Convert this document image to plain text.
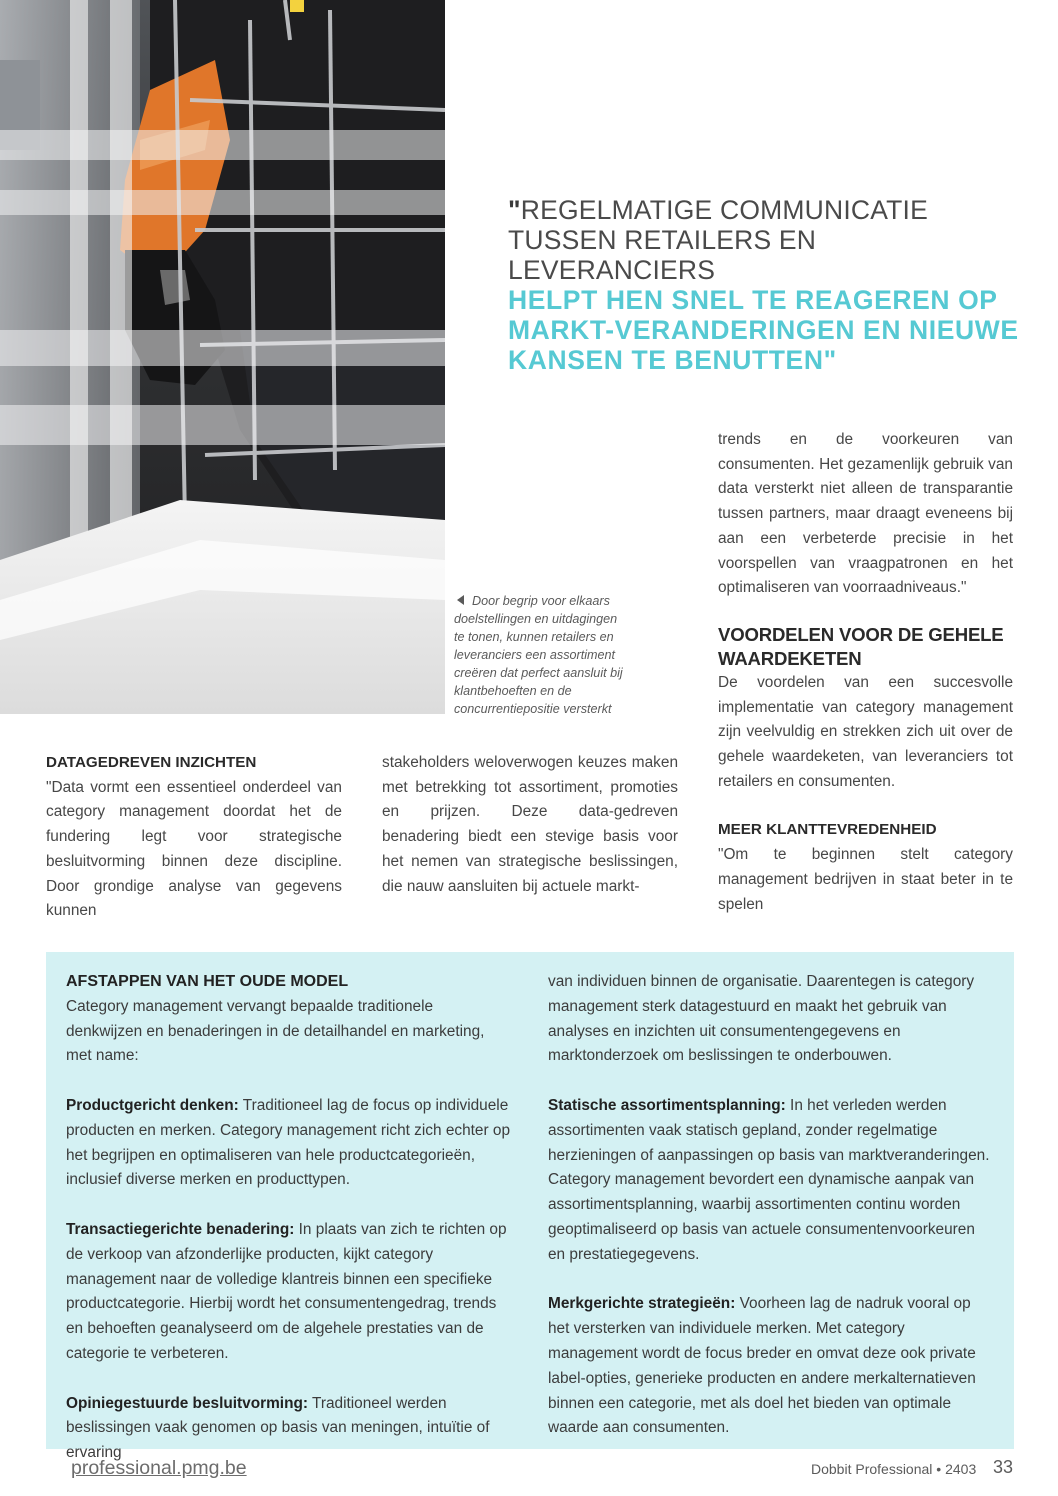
"REGELMATIGE COMMUNICATIE
TUSSEN RETAILERS EN LEVERANCIERS
HELPT HEN SNEL TE REAGEREN OP
MARKT-VERANDERINGEN EN NIEUWE
KANSEN TE BENUTTEN"
Door begrip voor elkaars
doelstellingen en uitdagingen
te tonen, kunnen retailers en
leveranciers een assortiment
creëren dat perfect aansluit bij
klantbehoeften en de
concurrentiepositie versterkt

DATAGEDREVEN INZICHTEN

"Data vormt een essentieel onderdeel van category management doordat het de fundering legt voor strategische besluitvorming binnen deze discipline. Door grondige analyse van gegevens kunnen

stakeholders weloverwogen keuzes maken met betrekking tot assortiment, promoties en prijzen. Deze data-gedreven benadering biedt een stevige basis voor het nemen van strategische beslissingen, die nauw aansluiten bij actuele markt-

trends en de voorkeuren van consumenten. Het gezamenlijk gebruik van data versterkt niet alleen de transparantie tussen partners, maar draagt eveneens bij aan een verbeterde precisie in het voorspellen van vraagpatronen en het optimaliseren van voorraadniveaus."

VOORDELEN VOOR DE GEHELE WAARDEKETEN

De voordelen van een succesvolle implementatie van category management zijn veelvuldig en strekken zich uit over de gehele waardeketen, van leveranciers tot retailers en consumenten.

MEER KLANTTEVREDENHEID

"Om te beginnen stelt category management bedrijven in staat beter in te spelen

AFSTAPPEN VAN HET OUDE MODEL
Category management vervangt bepaalde traditionele denkwijzen en benaderingen in de detailhandel en marketing, met name:

Productgericht denken: Traditioneel lag de focus op individuele producten en merken. Category management richt zich echter op het begrijpen en optimaliseren van hele productcategorieën, inclusief diverse merken en producttypen.

Transactiegerichte benadering: In plaats van zich te richten op de verkoop van afzonderlijke producten, kijkt category management naar de volledige klantreis binnen een specifieke productcategorie. Hierbij wordt het consumentengedrag, trends en behoeften geanalyseerd om de algehele prestaties van de categorie te verbeteren.

Opiniegestuurde besluitvorming: Traditioneel werden beslissingen vaak genomen op basis van meningen, intuïtie of ervaring

van individuen binnen de organisatie. Daarentegen is category management sterk datagestuurd en maakt het gebruik van analyses en inzichten uit consumentengegevens en marktonderzoek om beslissingen te onderbouwen.

Statische assortimentsplanning: In het verleden werden assortimenten vaak statisch gepland, zonder regelmatige herzieningen of aanpassingen op basis van marktveranderingen. Category management bevordert een dynamische aanpak van assortimentsplanning, waarbij assortimenten continu worden geoptimaliseerd op basis van actuele consumentenvoorkeuren en prestatiegegevens.

Merkgerichte strategieën: Voorheen lag de nadruk vooral op het versterken van individuele merken. Met category management wordt de focus breder en omvat deze ook private label-opties, generieke producten en andere merkalternatieven binnen een categorie, met als doel het bieden van optimale waarde aan consumenten.

professional.pmg.be	Dobbit Professional • 2403 33
